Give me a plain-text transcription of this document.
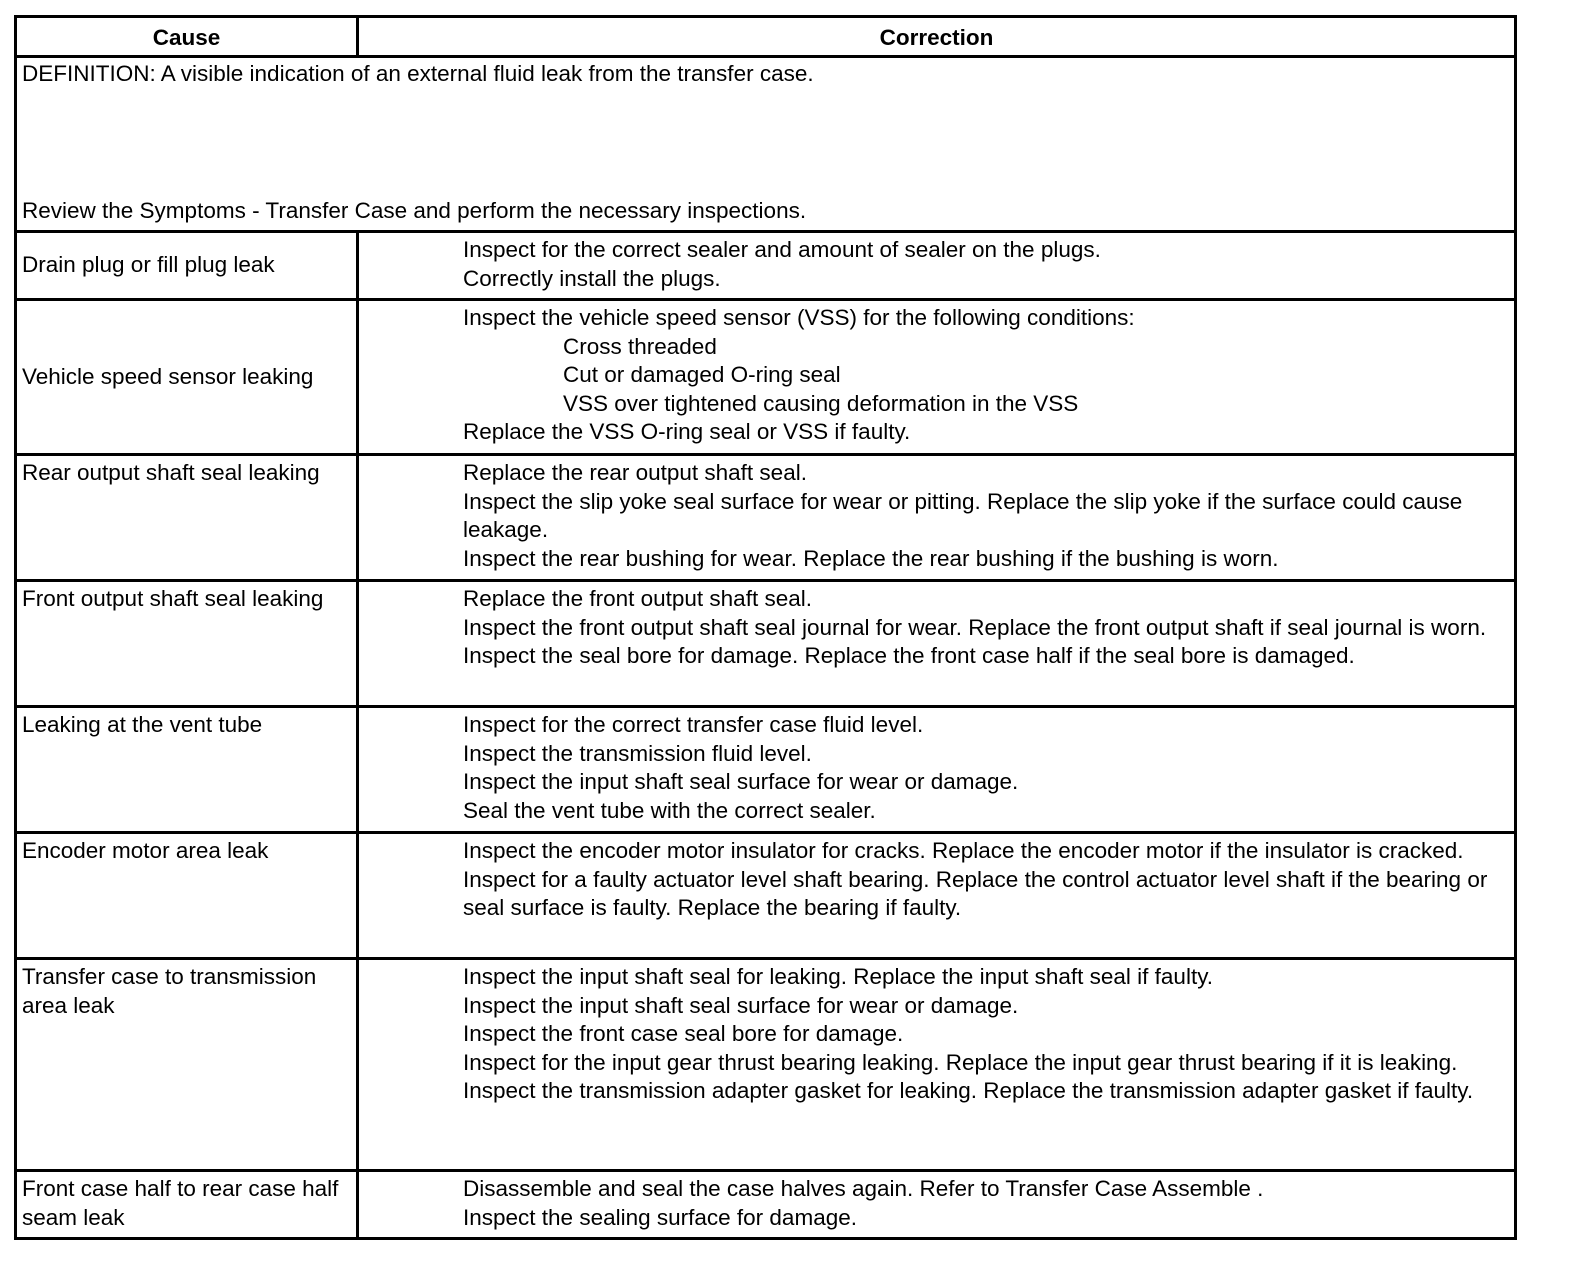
Cause	Correction

DEFINITION: A visible indication of an external fluid leak from the transfer case.
Review the Symptoms - Transfer Case and perform the necessary inspections.	

Drain plug or fill plug leak	Inspect for the correct sealer and amount of sealer on the plugs.
Correctly install the plugs.

Vehicle speed sensor leaking	Inspect the vehicle speed sensor (VSS) for the following conditions:
Cross threaded
Cut or damaged O-ring seal
VSS over tightened causing deformation in the VSS
Replace the VSS O-ring seal or VSS if faulty.

Rear output shaft seal leaking	Replace the rear output shaft seal.
Inspect the slip yoke seal surface for wear or pitting. Replace the slip yoke if the surface could cause leakage.
Inspect the rear bushing for wear. Replace the rear bushing if the bushing is worn.

Front output shaft seal leaking	Replace the front output shaft seal.
Inspect the front output shaft seal journal for wear. Replace the front output shaft if seal journal is worn.
Inspect the seal bore for damage. Replace the front case half if the seal bore is damaged.

Leaking at the vent tube	Inspect for the correct transfer case fluid level.
Inspect the transmission fluid level.
Inspect the input shaft seal surface for wear or damage.
Seal the vent tube with the correct sealer.

Encoder motor area leak	Inspect the encoder motor insulator for cracks. Replace the encoder motor if the insulator is cracked.
Inspect for a faulty actuator level shaft bearing. Replace the control actuator level shaft if the bearing or seal surface is faulty. Replace the bearing if faulty.

Transfer case to transmission area leak	Inspect the input shaft seal for leaking. Replace the input shaft seal if faulty.
Inspect the input shaft seal surface for wear or damage.
Inspect the front case seal bore for damage.
Inspect for the input gear thrust bearing leaking. Replace the input gear thrust bearing if it is leaking.
Inspect the transmission adapter gasket for leaking. Replace the transmission adapter gasket if faulty.

Front case half to rear case half seam leak	Disassemble and seal the case halves again. Refer to Transfer Case Assemble .
Inspect the sealing surface for damage.
